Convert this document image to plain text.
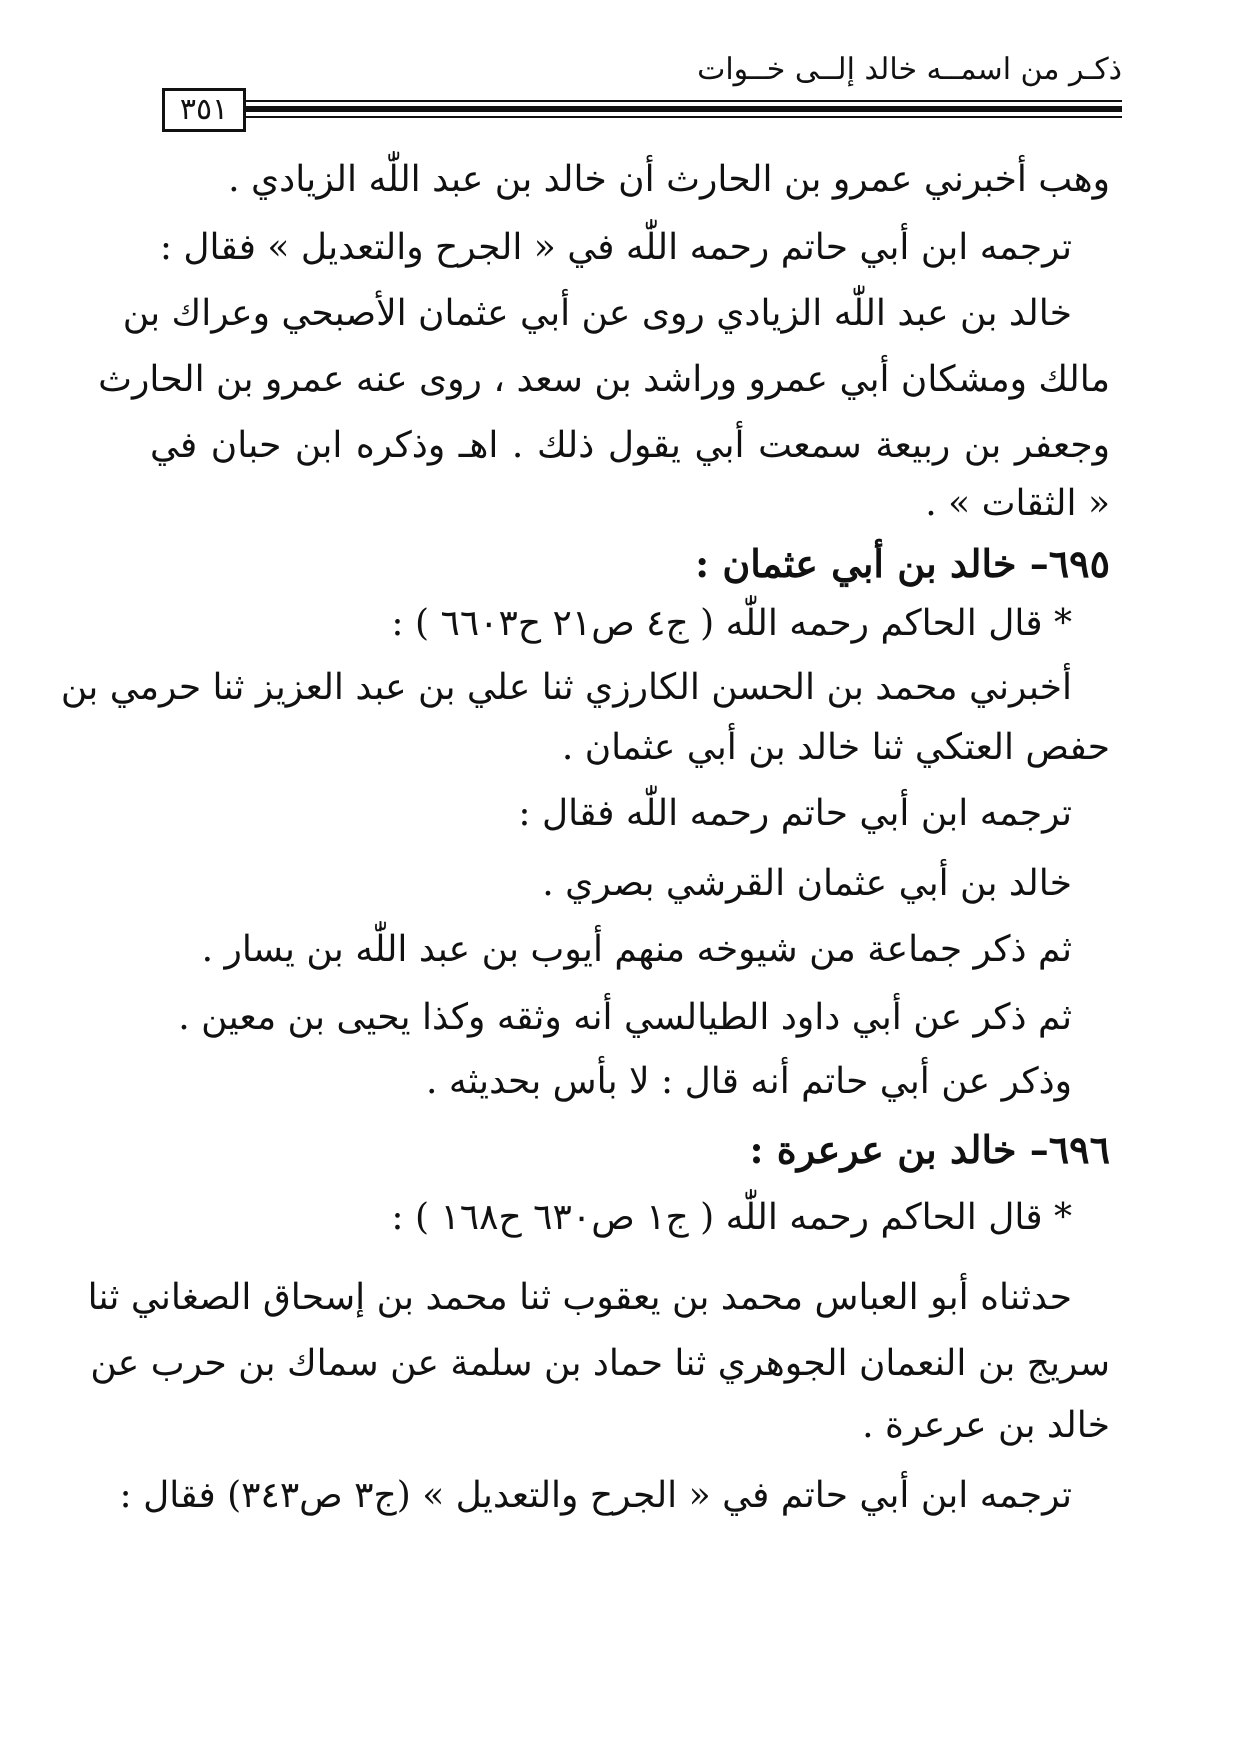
ذكـر من اسمــه خالد إلــى خــوات
٣٥١
وهب أخبرني عمرو بن الحارث أن خالد بن عبد اللّٰه الزيادي .
ترجمه ابن أبي حاتم رحمه اللّٰه في « الجرح والتعديل » فقال :
خالد بن عبد اللّٰه الزيادي روى عن أبي عثمان الأصبحي وعراك بن
مالك ومشكان أبي عمرو وراشد بن سعد ، روى عنه عمرو بن الحارث
وجعفر بن ربيعة سمعت أبي يقول ذلك . اهـ وذكره ابن حبان في
« الثقات » .
٦٩٥– خالد بن أبي عثمان :
* قال الحاكم رحمه اللّٰه ( ج٤ ص٢١ ح٦٦٠٣ ) :
أخبرني محمد بن الحسن الكارزي ثنا علي بن عبد العزيز ثنا حرمي بن
حفص العتكي ثنا خالد بن أبي عثمان .
ترجمه ابن أبي حاتم رحمه اللّٰه فقال :
خالد بن أبي عثمان القرشي بصري .
ثم ذكر جماعة من شيوخه منهم أيوب بن عبد اللّٰه بن يسار .
ثم ذكر عن أبي داود الطيالسي أنه وثقه وكذا يحيى بن معين .
وذكر عن أبي حاتم أنه قال : لا بأس بحديثه .
٦٩٦– خالد بن عرعرة :
* قال الحاكم رحمه اللّٰه ( ج١ ص٦٣٠ ح١٦٨ ) :
حدثناه أبو العباس محمد بن يعقوب ثنا محمد بن إسحاق الصغاني ثنا
سريج بن النعمان الجوهري ثنا حماد بن سلمة عن سماك بن حرب عن
خالد بن عرعرة .
ترجمه ابن أبي حاتم في « الجرح والتعديل » (ج٣ ص٣٤٣) فقال :
